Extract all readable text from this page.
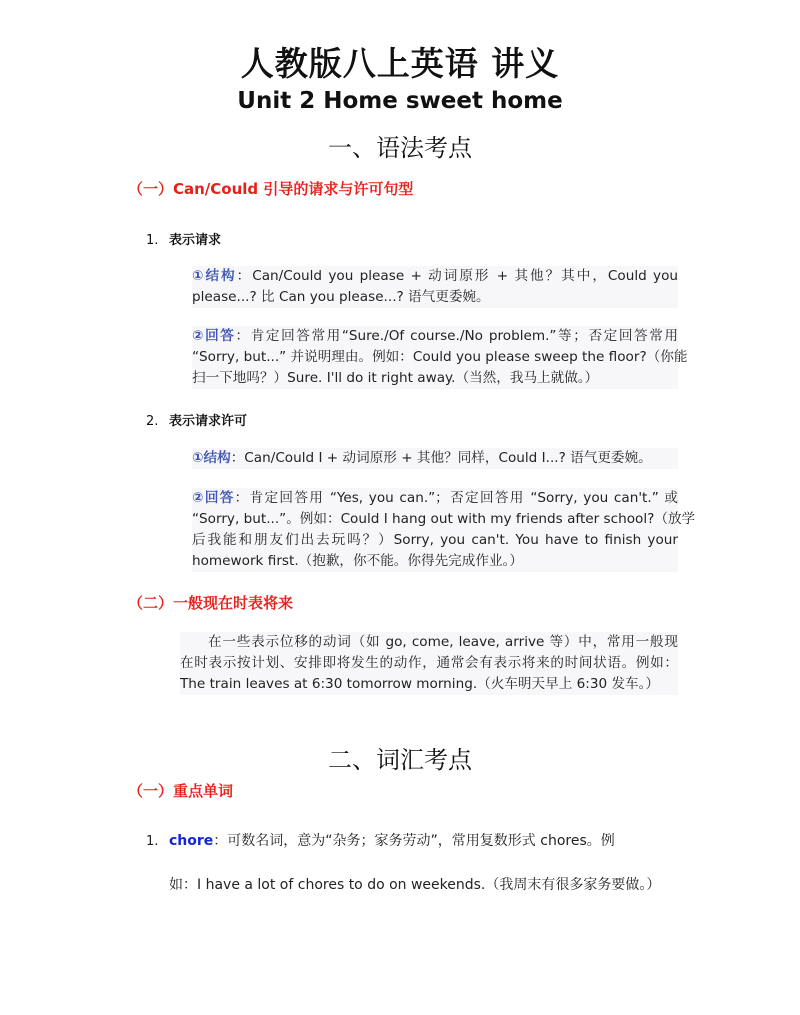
人教版八上英语 讲义
Unit 2 Home sweet home
一、语法考点
（一）Can/Could 引导的请求与许可句型
1. 表示请求
①结构：Can/Could you please + 动词原形 + 其他？其中，Could you
please...? 比 Can you please...? 语气更委婉。
②回答：肯定回答常用“Sure./Of course./No problem.”等；否定回答常用
“Sorry, but...” 并说明理由。例如：Could you please sweep the floor?（你能
扫一下地吗？）Sure. I'll do it right away.（当然，我马上就做。）
2. 表示请求许可
①结构：Can/Could I + 动词原形 + 其他？同样，Could I...? 语气更委婉。
②回答：肯定回答用 “Yes, you can.”；否定回答用 “Sorry, you can't.” 或
“Sorry, but...”。例如：Could I hang out with my friends after school?（放学
后我能和朋友们出去玩吗？）Sorry, you can't. You have to finish your
homework first.（抱歉，你不能。你得先完成作业。）
（二）一般现在时表将来
在一些表示位移的动词（如 go, come, leave, arrive 等）中，常用一般现
在时表示按计划、安排即将发生的动作，通常会有表示将来的时间状语。例如：
The train leaves at 6:30 tomorrow morning.（火车明天早上 6:30 发车。）
二、词汇考点
（一）重点单词
1. chore：可数名词，意为“杂务；家务劳动”，常用复数形式 chores。例
如：I have a lot of chores to do on weekends.（我周末有很多家务要做。）
